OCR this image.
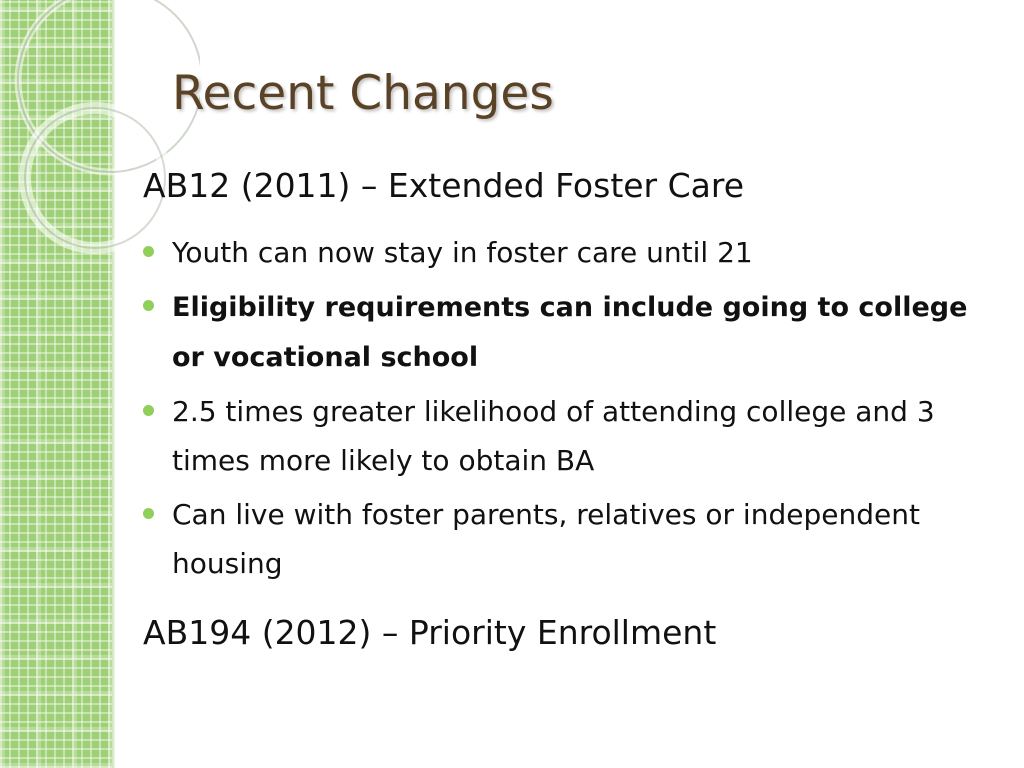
Recent Changes
AB12 (2011) – Extended Foster Care
Youth can now stay in foster care until 21
Eligibility requirements can include going to college or vocational school
2.5 times greater likelihood of attending college and 3 times more likely to obtain BA
Can live with foster parents, relatives or independent housing
AB194 (2012) – Priority Enrollment
